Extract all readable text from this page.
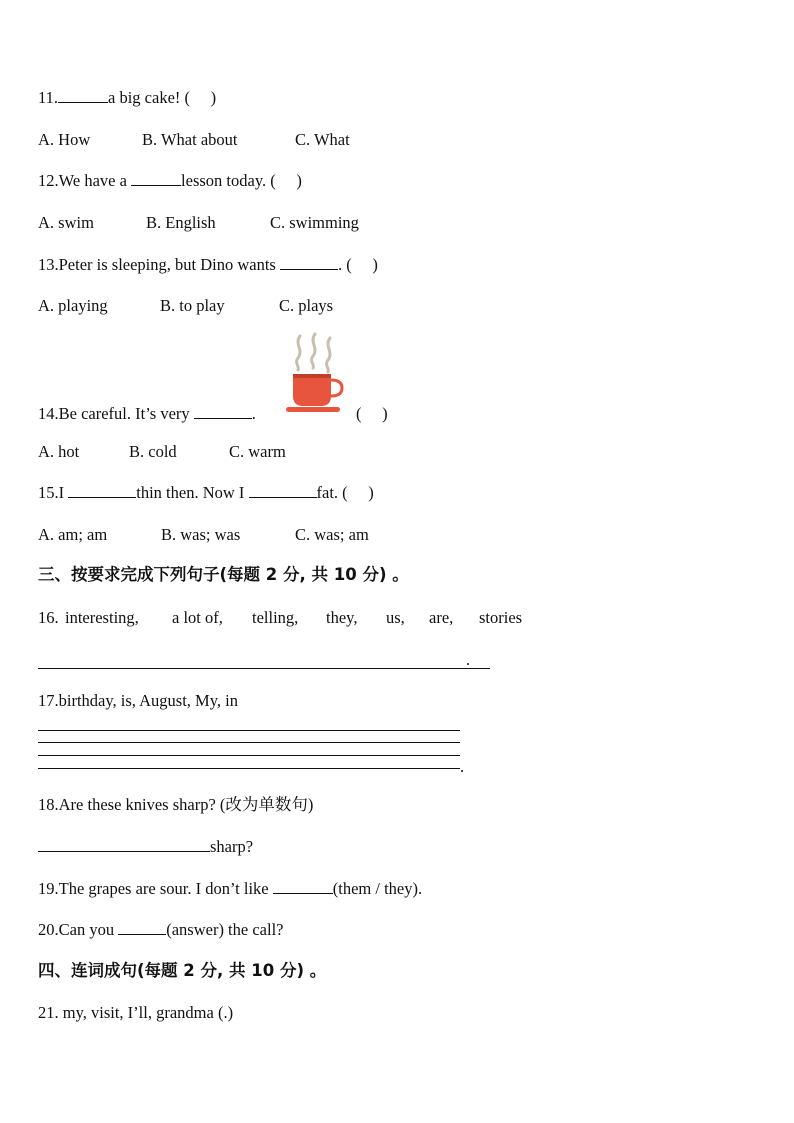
11.	a big cake! (     )
A. How	B. What about	C. What
12.We have a	lesson today. (     )
A. swim	B. English	C. swimming
13.Peter is sleeping, but Dino wants	. (     )
A. playing	B. to play	C. plays
14.Be careful. It’s very	.	(     )
A. hot	B. cold	C. warm
15.I	thin then. Now I	fat. (     )
A. am; am	B. was; was	C. was; am
三、按要求完成下列句子(每题 2 分, 共 10 分) 。
16. interesting, a lot of, telling, they, us, are, stories
.
17.birthday, is, August, My, in
.
18.Are these knives sharp? (改为单数句)
sharp?
19.The grapes are sour. I don’t like	(them / they).
20.Can you	(answer) the call?
四、连词成句(每题 2 分, 共 10 分) 。
21. my, visit, I’ll, grandma (.)
